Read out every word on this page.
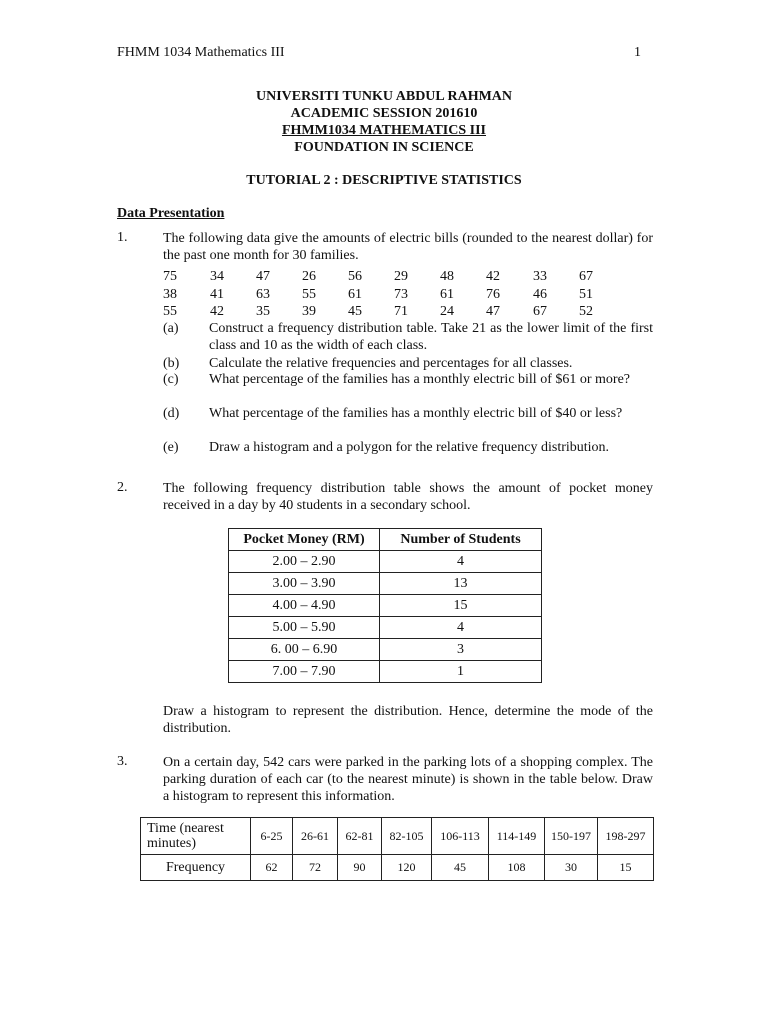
FHMM 1034 Mathematics III	1
UNIVERSITI TUNKU ABDUL RAHMAN
ACADEMIC SESSION 201610
FHMM1034 MATHEMATICS III
FOUNDATION IN SCIENCE
TUTORIAL 2 : DESCRIPTIVE STATISTICS
Data Presentation
1.	The following data give the amounts of electric bills (rounded to the nearest dollar) for the past one month for 30 families.
75 34 47 26 56 29 48 42 33 67
38 41 63 55 61 73 61 76 46 51
55 42 35 39 45 71 24 47 67 52
(a) Construct a frequency distribution table. Take 21 as the lower limit of the first class and 10 as the width of each class.
(b) Calculate the relative frequencies and percentages for all classes.
(c) What percentage of the families has a monthly electric bill of $61 or more?
(d) What percentage of the families has a monthly electric bill of $40 or less?
(e) Draw a histogram and a polygon for the relative frequency distribution.
2.	The following frequency distribution table shows the amount of pocket money received in a day by 40 students in a secondary school.
Pocket Money (RM)	Number of Students
2.00 – 2.90	4
3.00 – 3.90	13
4.00 – 4.90	15
5.00 – 5.90	4
6. 00 – 6.90	3
7.00 – 7.90	1
Draw a histogram to represent the distribution. Hence, determine the mode of the distribution.
3.	On a certain day, 542 cars were parked in the parking lots of a shopping complex. The parking duration of each car (to the nearest minute) is shown in the table below. Draw a histogram to represent this information.
Time (nearest minutes)	6-25	26-61	62-81	82-105	106-113	114-149	150-197	198-297
Frequency	62	72	90	120	45	108	30	15
